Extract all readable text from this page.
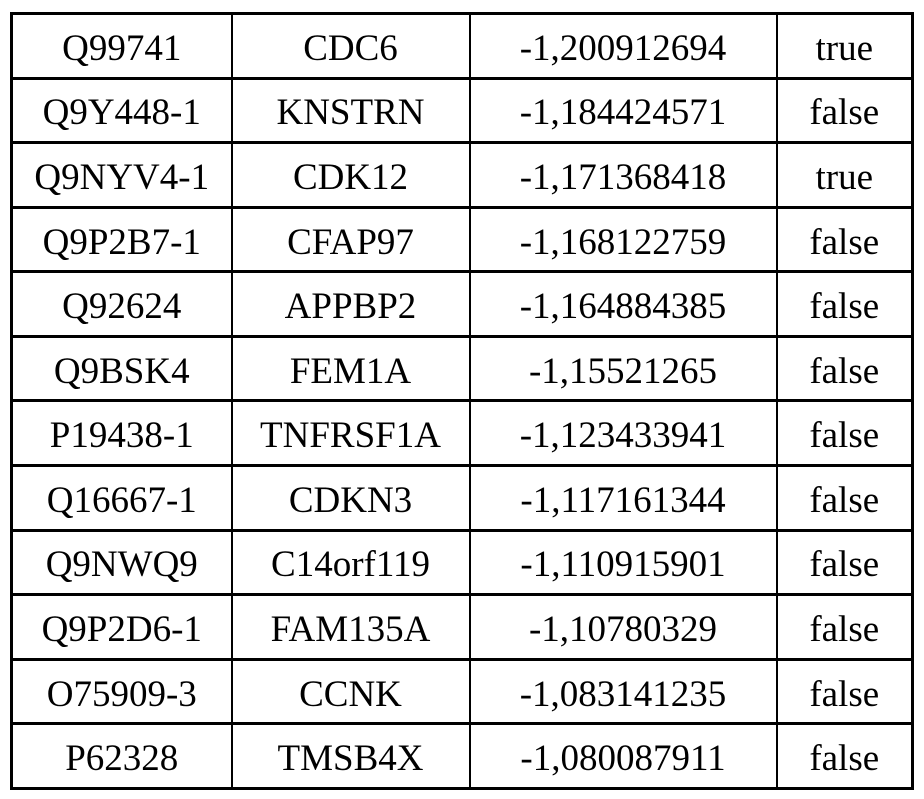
Q99741	CDC6	-1,200912694	true
Q9Y448-1	KNSTRN	-1,184424571	false
Q9NYV4-1	CDK12	-1,171368418	true
Q9P2B7-1	CFAP97	-1,168122759	false
Q92624	APPBP2	-1,164884385	false
Q9BSK4	FEM1A	-1,15521265	false
P19438-1	TNFRSF1A	-1,123433941	false
Q16667-1	CDKN3	-1,117161344	false
Q9NWQ9	C14orf119	-1,110915901	false
Q9P2D6-1	FAM135A	-1,10780329	false
O75909-3	CCNK	-1,083141235	false
P62328	TMSB4X	-1,080087911	false
